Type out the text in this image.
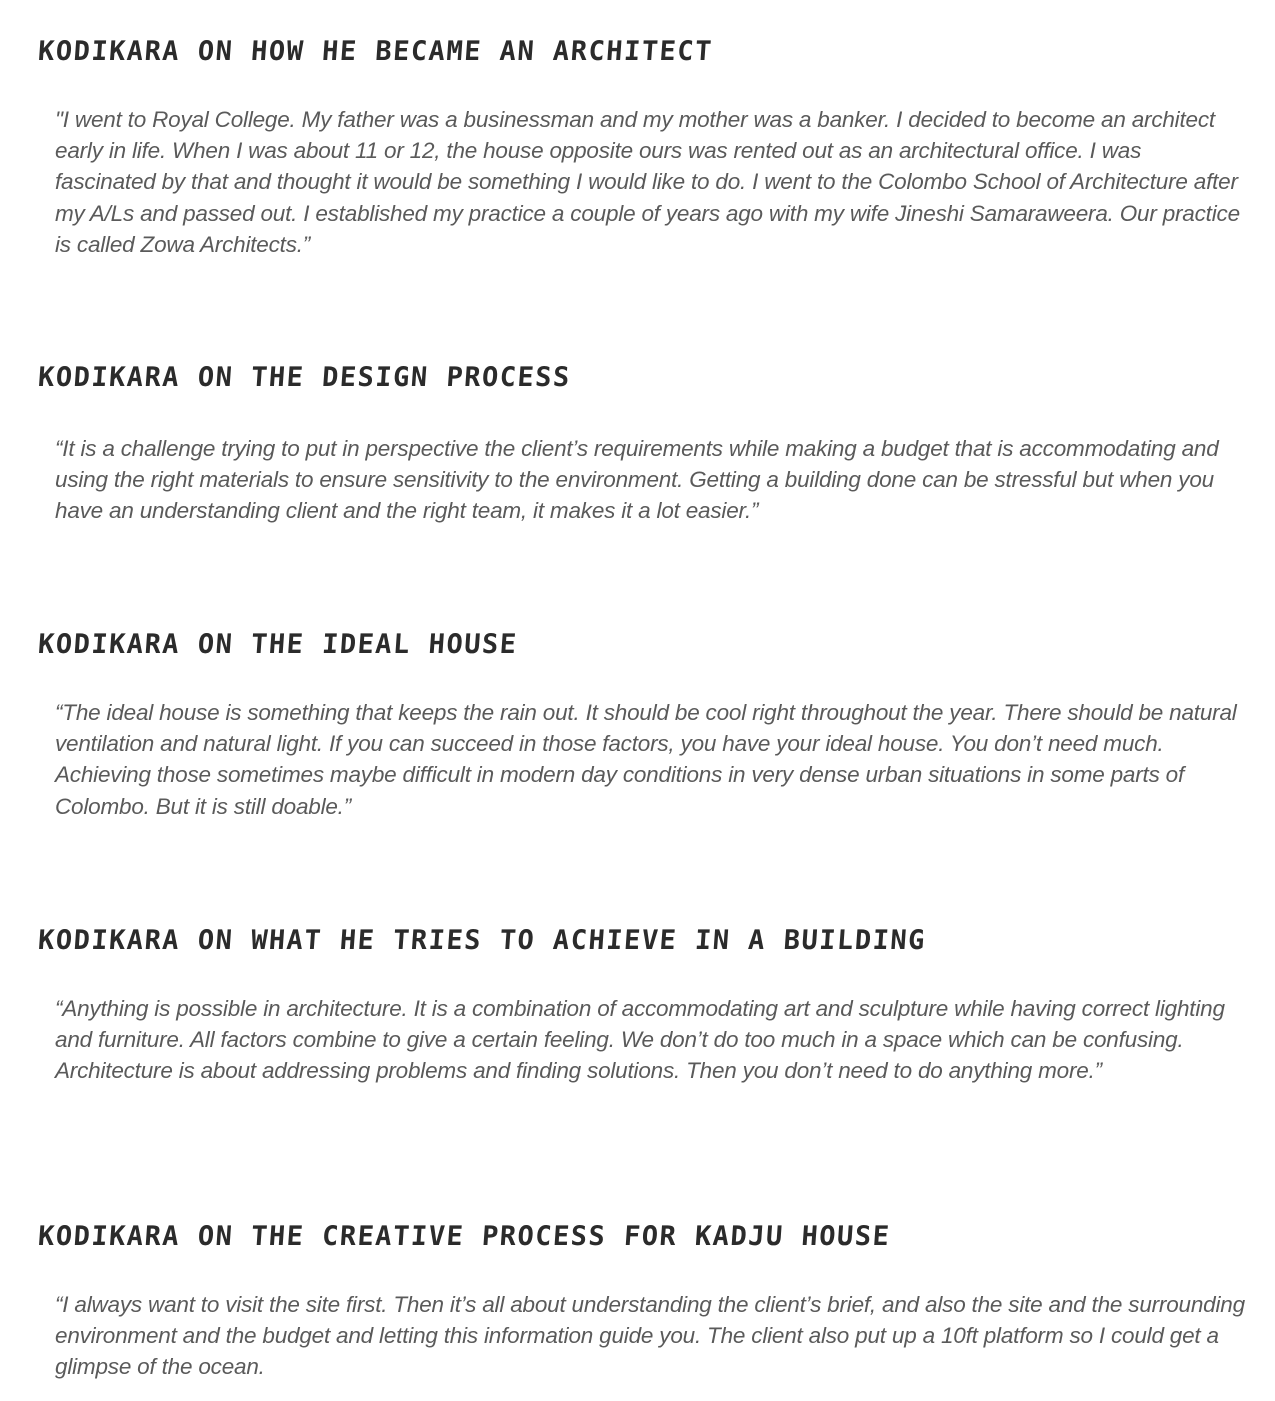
KODIKARA ON HOW HE BECAME AN ARCHITECT

"I went to Royal College. My father was a businessman and my mother was a banker. I decided to become an architect early in life. When I was about 11 or 12, the house opposite ours was rented out as an architectural office. I was fascinated by that and thought it would be something I would like to do. I went to the Colombo School of Architecture after my A/Ls and passed out. I established my practice a couple of years ago with my wife Jineshi Samaraweera. Our practice is called Zowa Architects.”

KODIKARA ON THE DESIGN PROCESS

“It is a challenge trying to put in perspective the client’s requirements while making a budget that is accommodating and using the right materials to ensure sensitivity to the environment. Getting a building done can be stressful but when you have an understanding client and the right team, it makes it a lot easier.”

KODIKARA ON THE IDEAL HOUSE

“The ideal house is something that keeps the rain out. It should be cool right throughout the year. There should be natural ventilation and natural light. If you can succeed in those factors, you have your ideal house. You don’t need much. Achieving those sometimes maybe difficult in modern day conditions in very dense urban situations in some parts of Colombo. But it is still doable.”

KODIKARA ON WHAT HE TRIES TO ACHIEVE IN A BUILDING

“Anything is possible in architecture. It is a combination of accommodating art and sculpture while having correct lighting and furniture. All factors combine to give a certain feeling. We don’t do too much in a space which can be confusing. Architecture is about addressing problems and finding solutions. Then you don’t need to do anything more.”

KODIKARA ON THE CREATIVE PROCESS FOR KADJU HOUSE

“I always want to visit the site first. Then it’s all about understanding the client’s brief, and also the site and the surrounding environment and the budget and letting this information guide you. The client also put up a 10ft platform so I could get a glimpse of the ocean.
